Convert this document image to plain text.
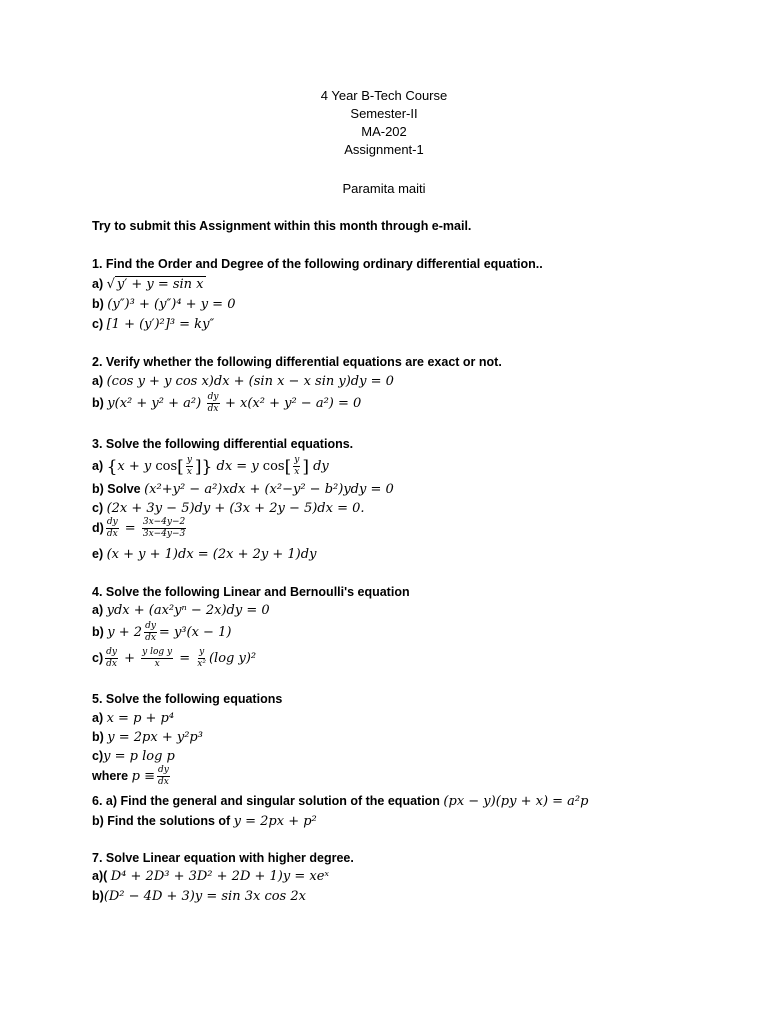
4 Year B-Tech Course
Semester-II
MA-202
Assignment-1
Paramita maiti
Try to submit this Assignment within this month through e-mail.
1. Find the Order and Degree of the following ordinary differential equation..
a) √ y′ + y = sin x
b) (y″)³ + (y″)⁴ + y = 0
c) [1 + (y′)²]³ = ky″
2. Verify whether the following differential equations are exact or not.
a) (cos y + y cos x)dx + (sin x − x sin y)dy = 0
b) $y(x^2 + y^2 + a^2) \frac{dy}{dx} + x(x^2 + y^2 - a^2) = 0$
3. Solve the following differential equations.
a) {x + y $\cos[ \frac{y}{x}$ ]} dx = y $\cos[ \frac{y}{x}$ ] dy
b) Solve (x²+y² − a²)xdx + (x²−y² − b²)ydy = 0
c) (2x + 3y − 5)dy + (3x + 2y − 5)dx = 0.
$d) \frac{dy}{dx} = \frac{3x-4y-2}{3x-4y-3}$
e) (x + y + 1)dx = (2x + 2y + 1)dy
4. Solve the following Linear and Bernoulli's equation
a) ydx + (ax²yⁿ − 2x)dy = 0
b) $y + 2 \frac{dy}{dx} = y^3(x - 1)$
$c) \frac{dy}{dx} + \frac{\text{y log y}}{x} = \frac{y}{\text{x²}} (\log$ y)²
5. Solve the following equations
a) x = p + p⁴
b) y = 2px + y²p³
c)y = p log p
where $p \equiv \frac{dy}{dx}$
6. a) Find the general and singular solution of the equation (px − y)(py + x) = a²p
b) Find the solutions of y = 2px + p²
7. Solve Linear equation with higher degree.
a)( D⁴ + 2D³ + 3D² + 2D + 1)y = xeˣ
b)(D² − 4D + 3)y = sin 3x cos 2x
